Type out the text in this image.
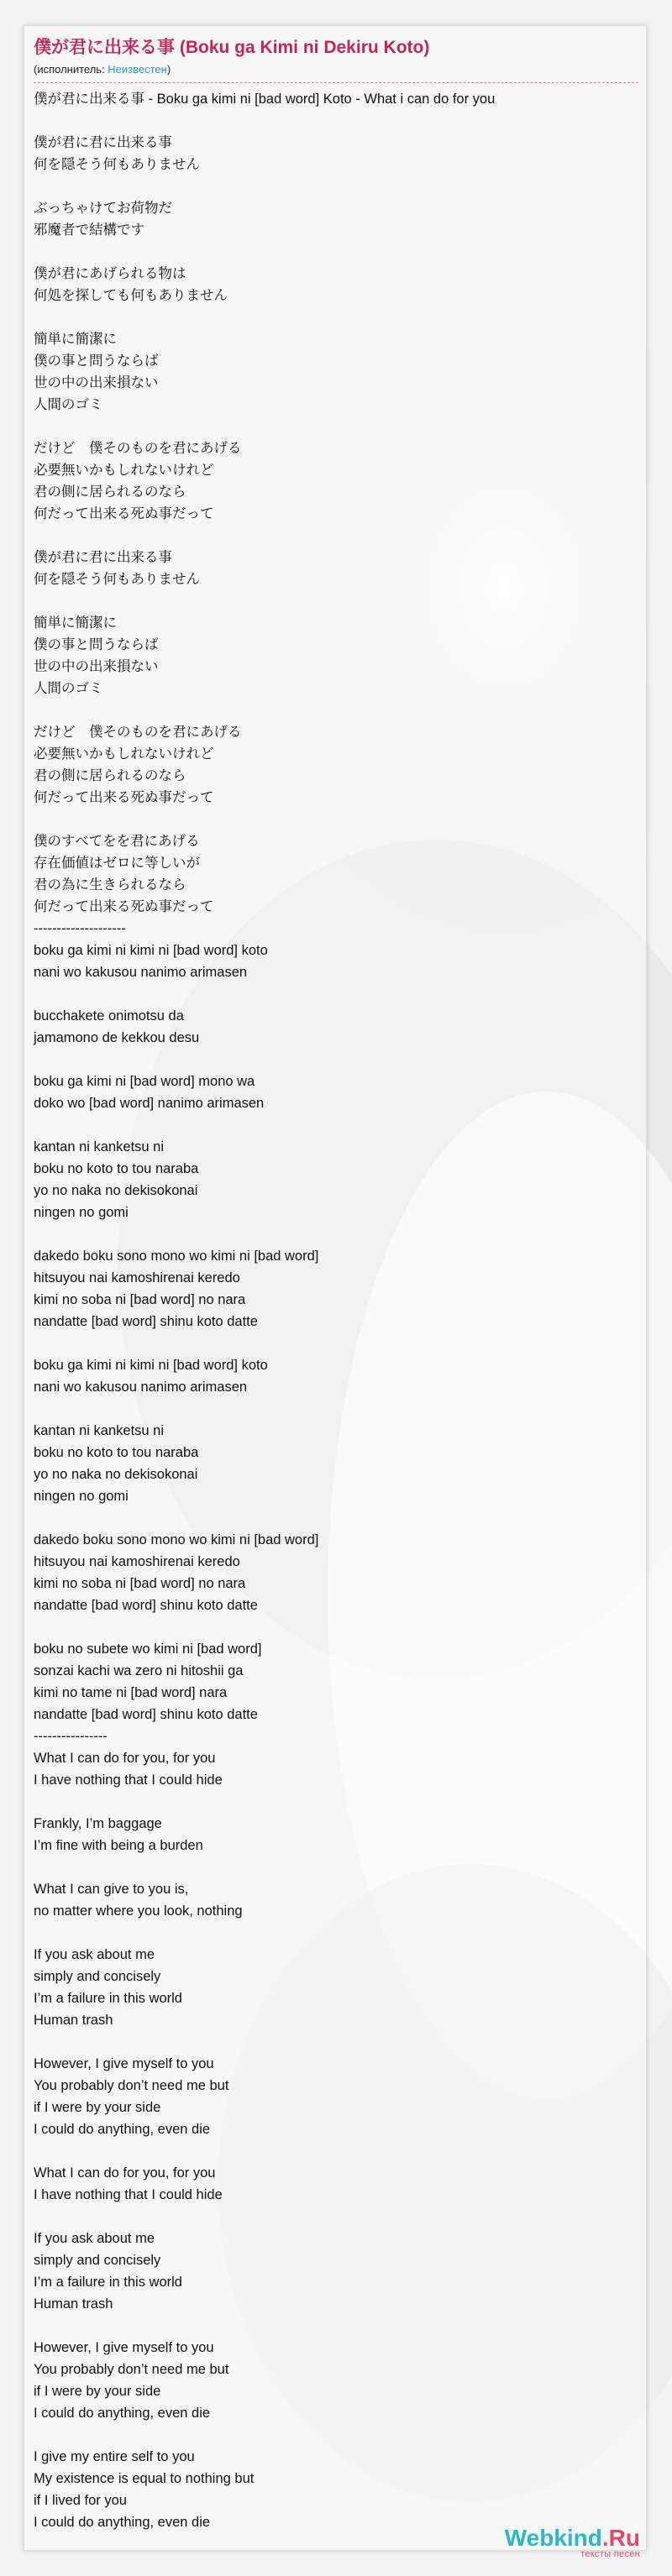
僕が君に出来る事 (Boku ga Kimi ni Dekiru Koto)
(исполнитель: Неизвестен)
僕が君に出来る事 - Boku ga kimi ni [bad word] Koto - What i can do for you
僕が君に君に出来る事
何を隠そう何もありません
ぶっちゃけてお荷物だ
邪魔者で結構です
僕が君にあげられる物は
何処を探しても何もありません
簡単に簡潔に
僕の事と問うならば
世の中の出来損ない
人間のゴミ
だけど　僕そのものを君にあげる
必要無いかもしれないけれど
君の側に居られるのなら
何だって出来る死ぬ事だって
僕が君に君に出来る事
何を隠そう何もありません
簡単に簡潔に
僕の事と問うならば
世の中の出来損ない
人間のゴミ
だけど　僕そのものを君にあげる
必要無いかもしれないけれど
君の側に居られるのなら
何だって出来る死ぬ事だって
僕のすべてをを君にあげる
存在価値はゼロに等しいが
君の為に生きられるなら
何だって出来る死ぬ事だって
--------------------
boku ga kimi ni kimi ni [bad word] koto
nani wo kakusou nanimo arimasen
bucchakete onimotsu da
jamamono de kekkou desu
boku ga kimi ni [bad word] mono wa
doko wo [bad word] nanimo arimasen
kantan ni kanketsu ni
boku no koto to tou naraba
yo no naka no dekisokonai
ningen no gomi
dakedo boku sono mono wo kimi ni [bad word]
hitsuyou nai kamoshirenai keredo
kimi no soba ni [bad word] no nara
nandatte [bad word] shinu koto datte
boku ga kimi ni kimi ni [bad word] koto
nani wo kakusou nanimo arimasen
kantan ni kanketsu ni
boku no koto to tou naraba
yo no naka no dekisokonai
ningen no gomi
dakedo boku sono mono wo kimi ni [bad word]
hitsuyou nai kamoshirenai keredo
kimi no soba ni [bad word] no nara
nandatte [bad word] shinu koto datte
boku no subete wo kimi ni [bad word]
sonzai kachi wa zero ni hitoshii ga
kimi no tame ni [bad word] nara
nandatte [bad word] shinu koto datte
----------------
What I can do for you, for you
I have nothing that I could hide
Frankly, I’m baggage
I’m fine with being a burden
What I can give to you is,
no matter where you look, nothing
If you ask about me
simply and concisely
I’m a failure in this world
Human trash
However, I give myself to you
You probably don’t need me but
if I were by your side
I could do anything, even die
What I can do for you, for you
I have nothing that I could hide
If you ask about me
simply and concisely
I’m a failure in this world
Human trash
However, I give myself to you
You probably don’t need me but
if I were by your side
I could do anything, even die
I give my entire self to you
My existence is equal to nothing but
if I lived for you
I could do anything, even die
Webkind.Ru
тексты песен
